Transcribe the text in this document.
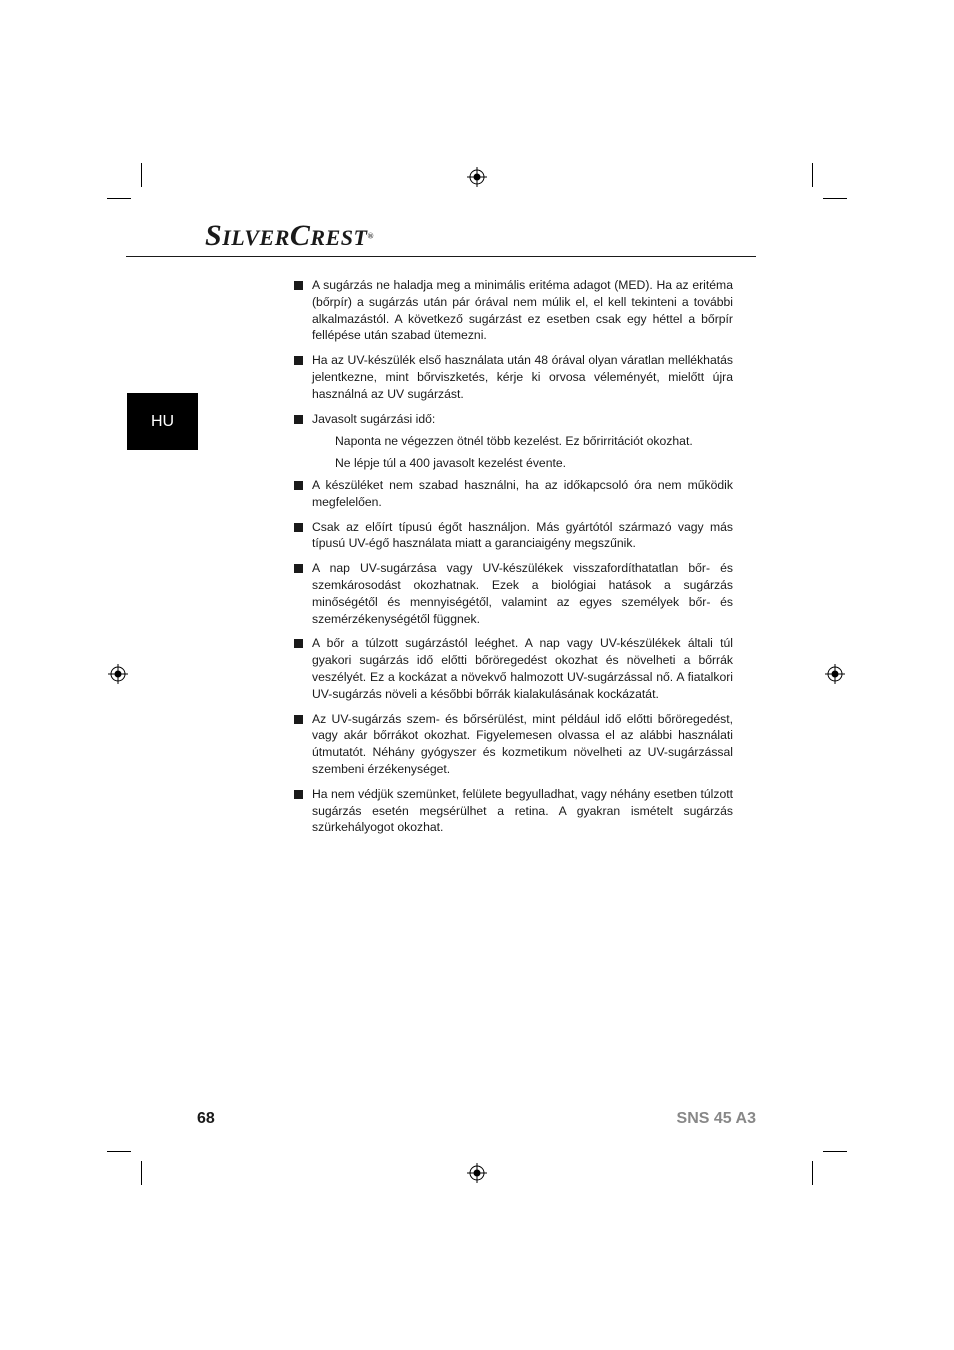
SILVERCREST®
HU
A sugárzás ne haladja meg a minimális eritéma adagot (MED). Ha az eritéma (bőrpír) a sugárzás után pár órával nem múlik el, el kell tekinteni a további alkalmazástól. A következő sugárzást ez esetben csak egy héttel a bőrpír fellépése után szabad ütemezni.
Ha az UV-készülék első használata után 48 órával olyan váratlan mellékhatás jelentkezne, mint bőrviszketés, kérje ki orvosa véleményét, mielőtt újra használná az UV sugárzást.
Javasolt sugárzási idő:
Naponta ne végezzen ötnél több kezelést. Ez bőrirritációt okozhat.
Ne lépje túl a 400 javasolt kezelést évente.
A készüléket nem szabad használni, ha az időkapcsoló óra nem működik megfelelően.
Csak az előírt típusú égőt használjon. Más gyártótól származó vagy más típusú UV-égő használata miatt a garanciaigény megszűnik.
A nap UV-sugárzása vagy UV-készülékek visszafordíthatatlan bőr- és szemkárosodást okozhatnak. Ezek a biológiai hatások a sugárzás minőségétől és mennyiségétől, valamint az egyes személyek bőr- és szemérzékenységétől függnek.
A bőr a túlzott sugárzástól leéghet. A nap vagy UV-készülékek általi túl gyakori sugárzás idő előtti bőröregedést okozhat és növelheti a bőrrák veszélyét. Ez a kockázat a növekvő halmozott UV-sugárzással nő. A fiatalkori UV-sugárzás növeli a későbbi bőrrák kialakulásának kockázatát.
Az UV-sugárzás szem- és bőrsérülést, mint például idő előtti bőröregedést, vagy akár bőrrákot okozhat. Figyelemesen olvassa el az alábbi használati útmutatót. Néhány gyógyszer és kozmetikum növelheti az UV-sugárzással szembeni érzékenységet.
Ha nem védjük szemünket, felülete begyulladhat, vagy néhány esetben túlzott sugárzás esetén megsérülhet a retina. A gyakran ismételt sugárzás szürkehályogot okozhat.
68	SNS 45 A3
